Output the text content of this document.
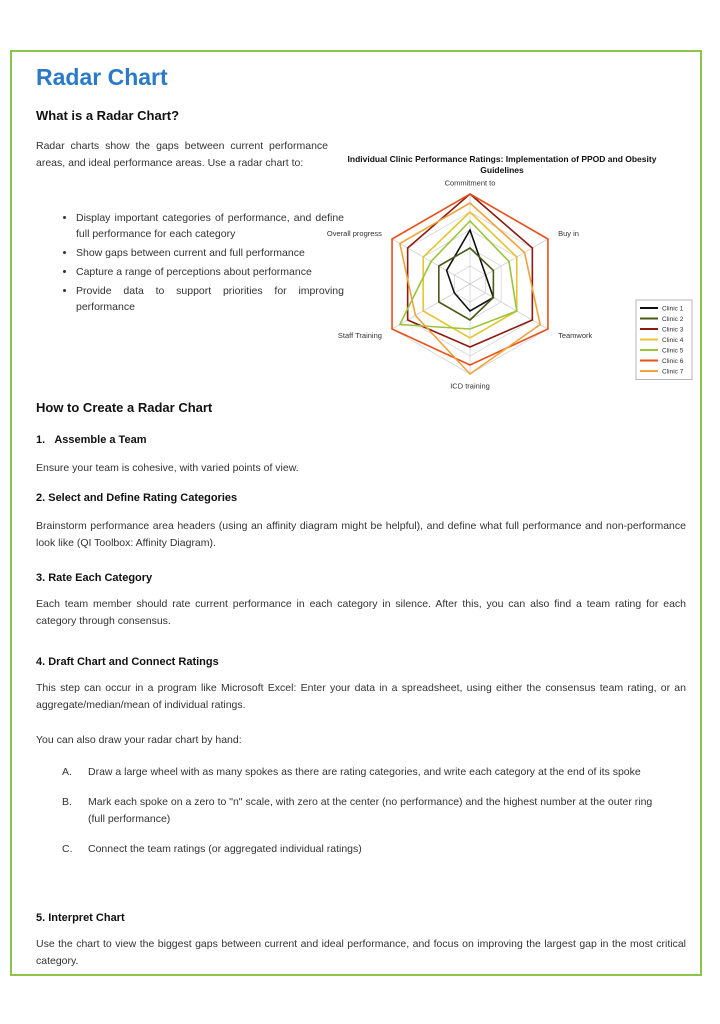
Radar Chart
What is a Radar Chart?

Radar charts show the gaps between current performance areas, and ideal performance areas. Use a radar chart to:

• Display important categories of performance, and define full performance for each category
• Show gaps between current and full performance
• Capture a range of perceptions about performance
• Provide data to support priorities for improving performance
Individual Clinic Performance Ratings: Implementation of PPOD and Obesity Guidelines
Commitment to
Buy in
Teamwork
ICD training
Staff Training
Overall progress
Clinic 1
Clinic 2
Clinic 3
Clinic 4
Clinic 5
Clinic 6
Clinic 7
How to Create a Radar Chart
1. Assemble a Team

Ensure your team is cohesive, with varied points of view.

2. Select and Define Rating Categories

Brainstorm performance area headers (using an affinity diagram might be helpful), and define what full performance and non-performance look like (QI Toolbox: Affinity Diagram).

3. Rate Each Category

Each team member should rate current performance in each category in silence. After this, you can also find a team rating for each category through consensus.

4. Draft Chart and Connect Ratings

This step can occur in a program like Microsoft Excel: Enter your data in a spreadsheet, using either the consensus team rating, or an aggregate/median/mean of individual ratings.

You can also draw your radar chart by hand:

A.	Draw a large wheel with as many spokes as there are rating categories, and write each category at the end of its spoke
B.	Mark each spoke on a zero to "n" scale, with zero at the center (no performance) and the highest number at the outer ring (full performance)
C.	Connect the team ratings (or aggregated individual ratings)
5. Interpret Chart

Use the chart to view the biggest gaps between current and ideal performance, and focus on improving the largest gap in the most critical category.
